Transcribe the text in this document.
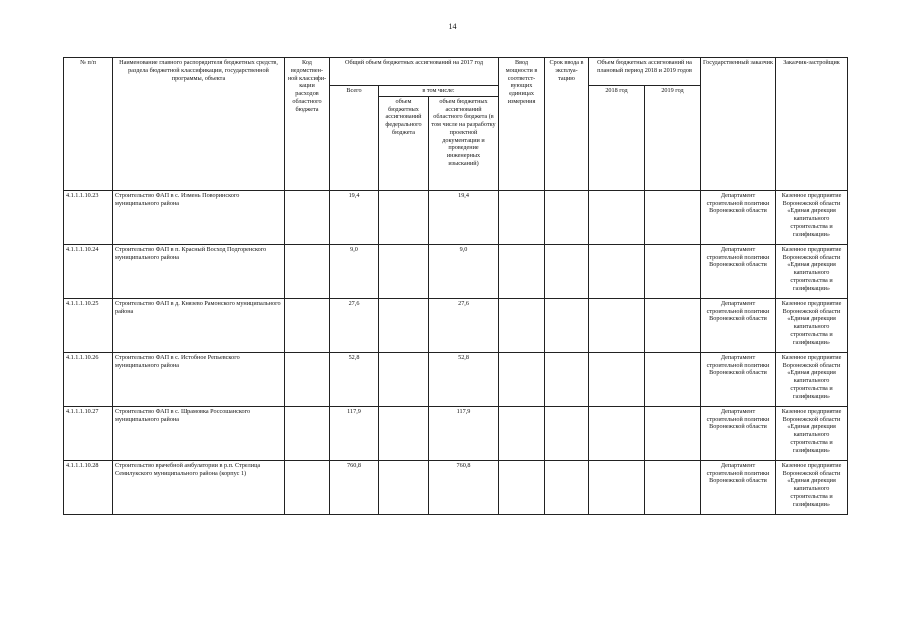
14
№ п/п	Наименование главного распорядителя бюджетных средств, раздела бюджетной классификации, государственной программы, объекта	Код ведомствен-ной классифи-кации расходов областного бюджета	Общий объем бюджетных ассигнований на 2017 год			Ввод мощности в соответст-вующих единицах измерения	Срок ввода в эксплуа-тацию	Объем бюджетных ассигнований на плановый период 2018 и 2019 годов		Государственный заказчик	Заказчик-застройщик
			Всего	в том числе:				2018 год	2019 год		
				объем бюджетных ассигнований федерального бюджета	объем бюджетных ассигнований областного бюджета (в том числе на разработку проектной документации и проведение инженерных изысканий)						
4.1.1.1.10.23	Строительство ФАП в с. Измень Поворинского муниципального района		19,4		19,4					Департамент строительной политики Воронежской области	Казенное предприятие Воронежской области «Единая дирекция капитального строительства и газификации»
4.1.1.1.10.24	Строительство ФАП в п. Красный Восход Подгоренского муниципального района		9,0		9,0					Департамент строительной политики Воронежской области	Казенное предприятие Воронежской области «Единая дирекция капитального строительства и газификации»
4.1.1.1.10.25	Строительство ФАП в д. Князево Рамонского муниципального района		27,6		27,6					Департамент строительной политики Воронежской области	Казенное предприятие Воронежской области «Единая дирекция капитального строительства и газификации»
4.1.1.1.10.26	Строительство ФАП в с. Истобное Репьевского муниципального района		52,8		52,8					Департамент строительной политики Воронежской области	Казенное предприятие Воронежской области «Единая дирекция капитального строительства и газификации»
4.1.1.1.10.27	Строительство ФАП в с. Шрамовка Россошанского муниципального района		117,9		117,9					Департамент строительной политики Воронежской области	Казенное предприятие Воронежской области «Единая дирекция капитального строительства и газификации»
4.1.1.1.10.28	Строительство врачебной амбулатории в р.п. Стрелица Семилукского муниципального района (корпус 1)		760,8		760,8					Департамент строительной политики Воронежской области	Казенное предприятие Воронежской области «Единая дирекция капитального строительства и газификации»
